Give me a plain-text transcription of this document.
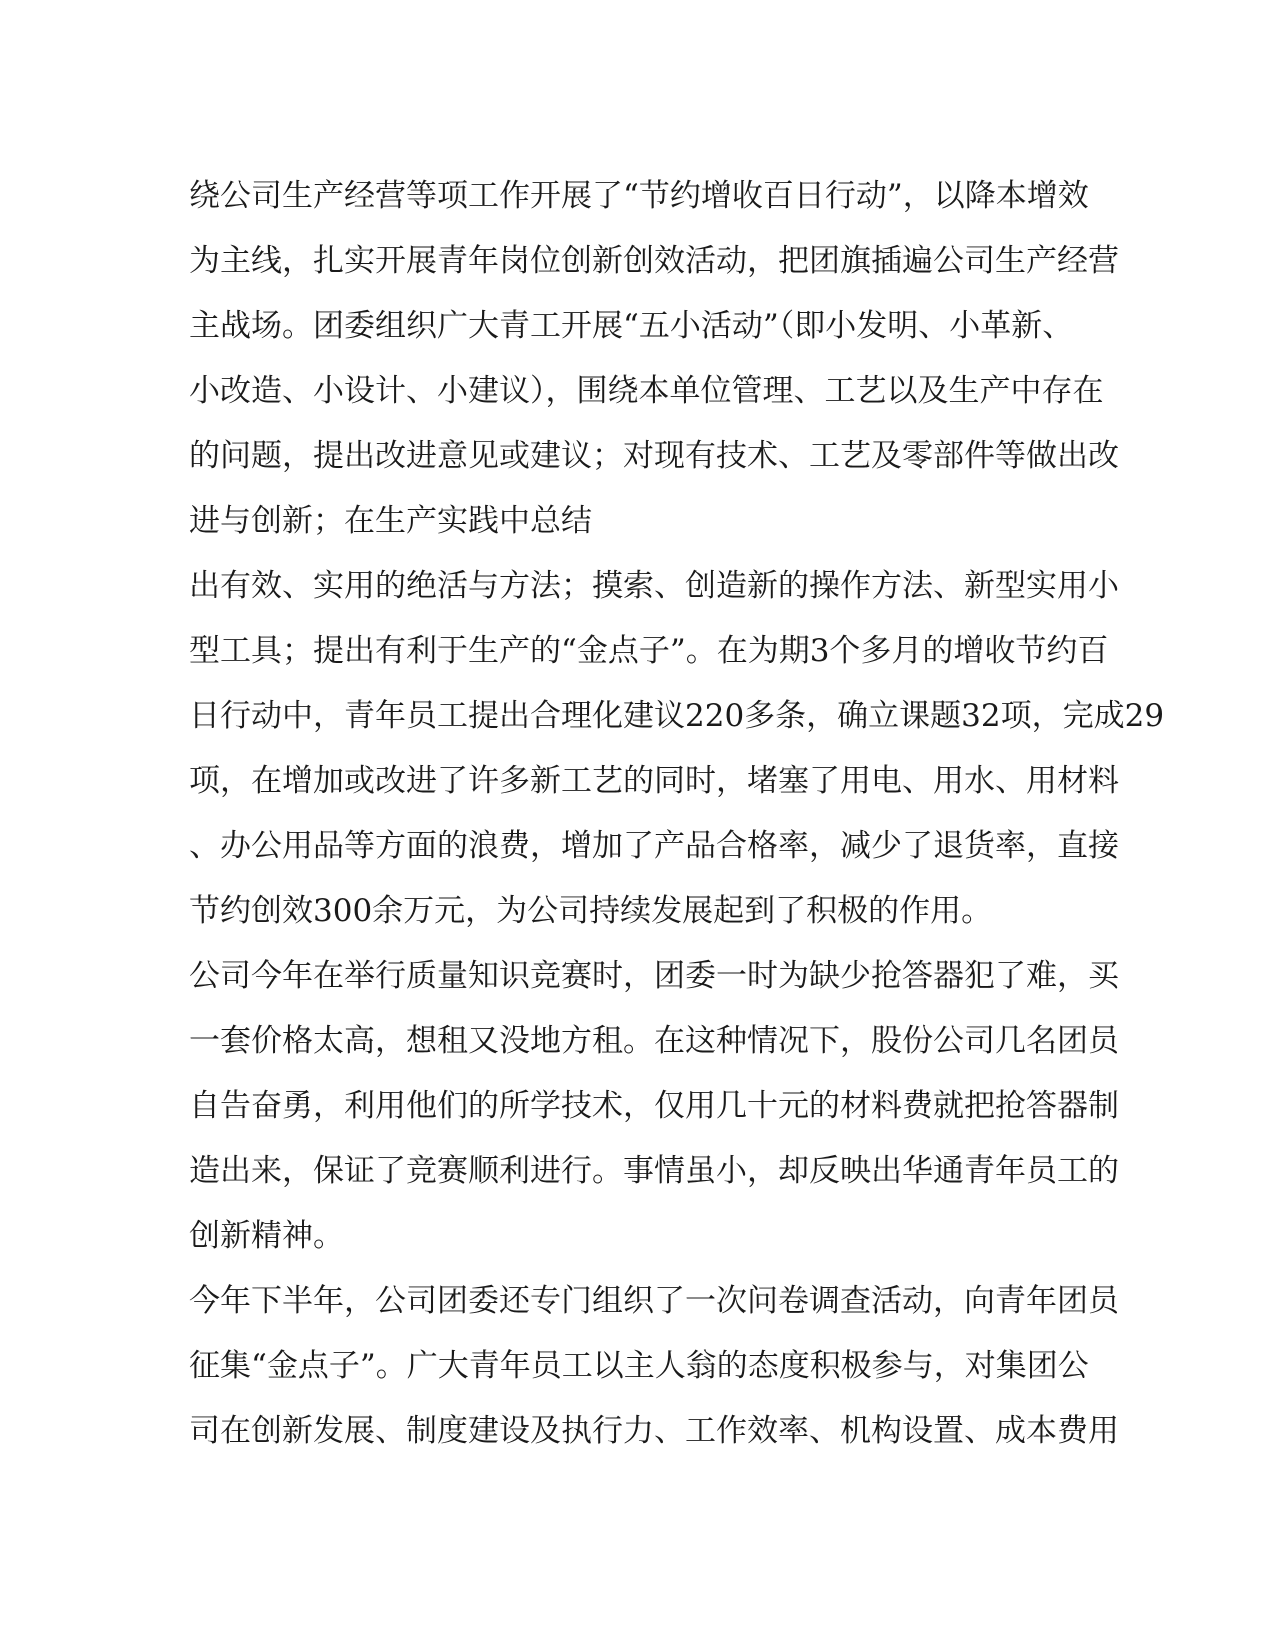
绕公司生产经营等项工作开展了“节约增收百日行动”，以降本增效
为主线，扎实开展青年岗位创新创效活动，把团旗插遍公司生产经营
主战场。团委组织广大青工开展“五小活动”（即小发明、小革新、
小改造、小设计、小建议），围绕本单位管理、工艺以及生产中存在
的问题，提出改进意见或建议；对现有技术、工艺及零部件等做出改
进与创新；在生产实践中总结
出有效、实用的绝活与方法；摸索、创造新的操作方法、新型实用小
型工具；提出有利于生产的“金点子”。在为期3个多月的增收节约百
日行动中，青年员工提出合理化建议220多条，确立课题32项，完成29
项，在增加或改进了许多新工艺的同时，堵塞了用电、用水、用材料
、办公用品等方面的浪费，增加了产品合格率，减少了退货率，直接
节约创效300余万元，为公司持续发展起到了积极的作用。
公司今年在举行质量知识竞赛时，团委一时为缺少抢答器犯了难，买
一套价格太高，想租又没地方租。在这种情况下，股份公司几名团员
自告奋勇，利用他们的所学技术，仅用几十元的材料费就把抢答器制
造出来，保证了竞赛顺利进行。事情虽小，却反映出华通青年员工的
创新精神。
今年下半年，公司团委还专门组织了一次问卷调查活动，向青年团员
征集“金点子”。广大青年员工以主人翁的态度积极参与，对集团公
司在创新发展、制度建设及执行力、工作效率、机构设置、成本费用
